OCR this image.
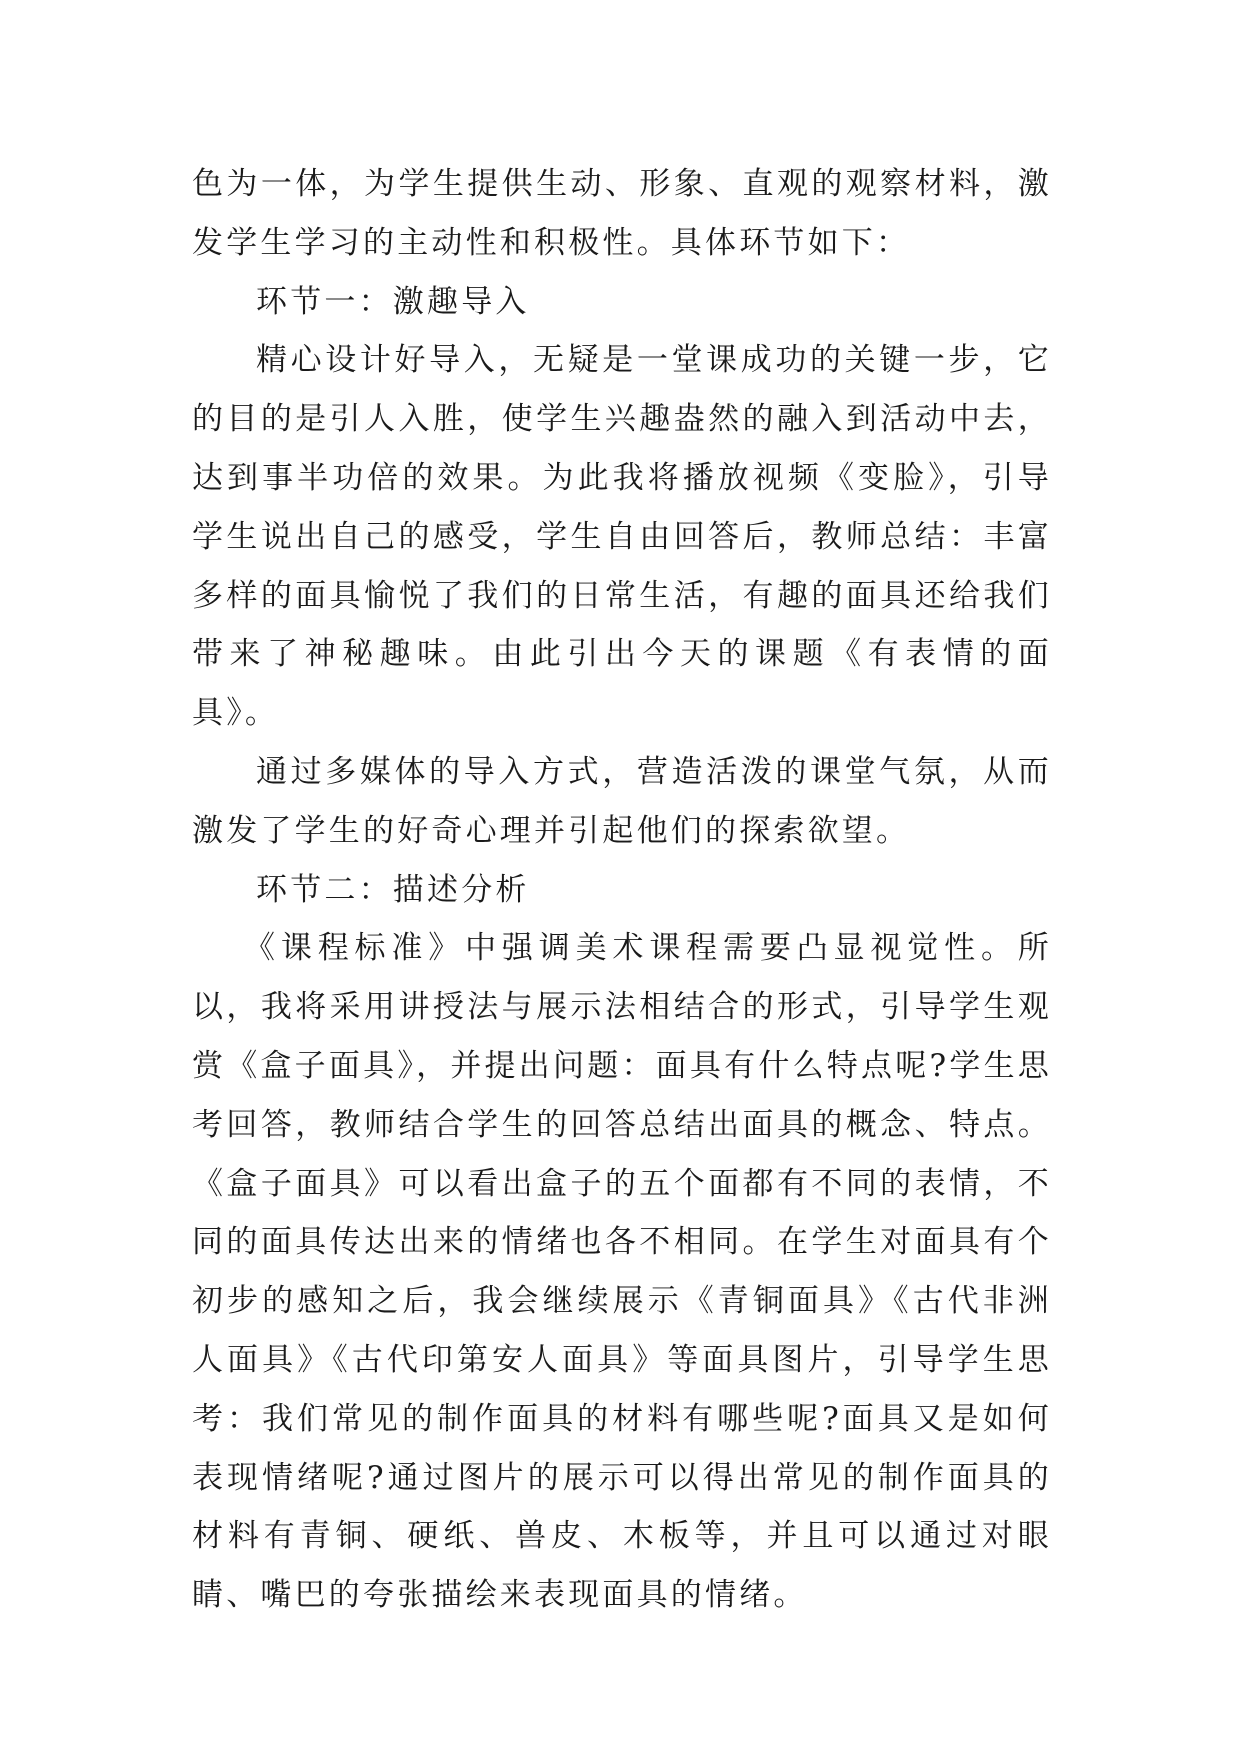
色为一体，为学生提供生动、形象、直观的观察材料，激发学生学习的主动性和积极性。具体环节如下：

环节一：激趣导入

精心设计好导入，无疑是一堂课成功的关键一步，它的目的是引人入胜，使学生兴趣盎然的融入到活动中去，达到事半功倍的效果。为此我将播放视频《变脸》，引导学生说出自己的感受，学生自由回答后，教师总结：丰富多样的面具愉悦了我们的日常生活，有趣的面具还给我们带来了神秘趣味。由此引出今天的课题《有表情的面具》。

通过多媒体的导入方式，营造活泼的课堂气氛，从而激发了学生的好奇心理并引起他们的探索欲望。

环节二：描述分析

《课程标准》中强调美术课程需要凸显视觉性。所以，我将采用讲授法与展示法相结合的形式，引导学生观赏《盒子面具》，并提出问题：面具有什么特点呢?学生思考回答，教师结合学生的回答总结出面具的概念、特点。《盒子面具》可以看出盒子的五个面都有不同的表情，不同的面具传达出来的情绪也各不相同。在学生对面具有个初步的感知之后，我会继续展示《青铜面具》《古代非洲人面具》《古代印第安人面具》等面具图片，引导学生思考：我们常见的制作面具的材料有哪些呢?面具又是如何表现情绪呢?通过图片的展示可以得出常见的制作面具的材料有青铜、硬纸、兽皮、木板等，并且可以通过对眼睛、嘴巴的夸张描绘来表现面具的情绪。
